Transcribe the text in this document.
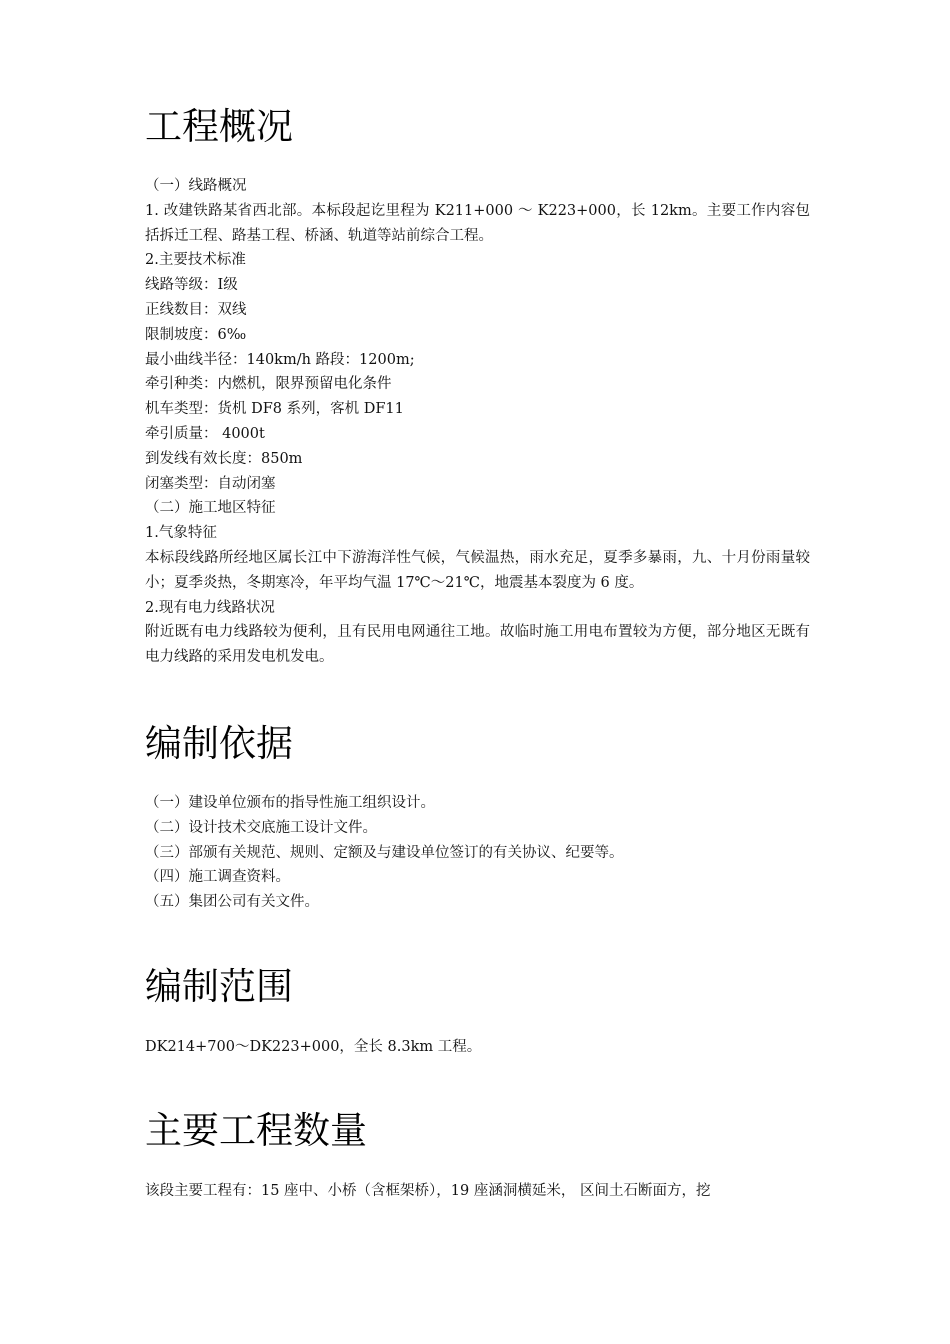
工程概况
（一）线路概况
1. 改建铁路某省西北部。本标段起讫里程为 K211+000 ～ K223+000，长 12km。主要工作内容包括拆迁工程、路基工程、桥涵、轨道等站前综合工程。
2.主要技术标准
线路等级：Ⅰ级
正线数目：双线
限制坡度：6‰
最小曲线半径：140km/h 路段：1200m;
牵引种类：内燃机，限界预留电化条件
机车类型：货机 DF8 系列，客机 DF11
牵引质量： 4000t
到发线有效长度：850m
闭塞类型：自动闭塞
（二）施工地区特征
1.气象特征
本标段线路所经地区属长江中下游海洋性气候，气候温热，雨水充足，夏季多暴雨，九、十月份雨量较小；夏季炎热，冬期寒冷，年平均气温 17℃～21℃，地震基本裂度为 6 度。
2.现有电力线路状况
附近既有电力线路较为便利，且有民用电网通往工地。故临时施工用电布置较为方便，部分地区无既有电力线路的采用发电机发电。
编制依据
（一）建设单位颁布的指导性施工组织设计。
（二）设计技术交底施工设计文件。
（三）部颁有关规范、规则、定额及与建设单位签订的有关协议、纪要等。
（四）施工调查资料。
（五）集团公司有关文件。
编制范围
DK214+700～DK223+000，全长 8.3km 工程。
主要工程数量
该段主要工程有：15 座中、小桥（含框架桥），19 座涵洞横延米， 区间土石断面方，挖
